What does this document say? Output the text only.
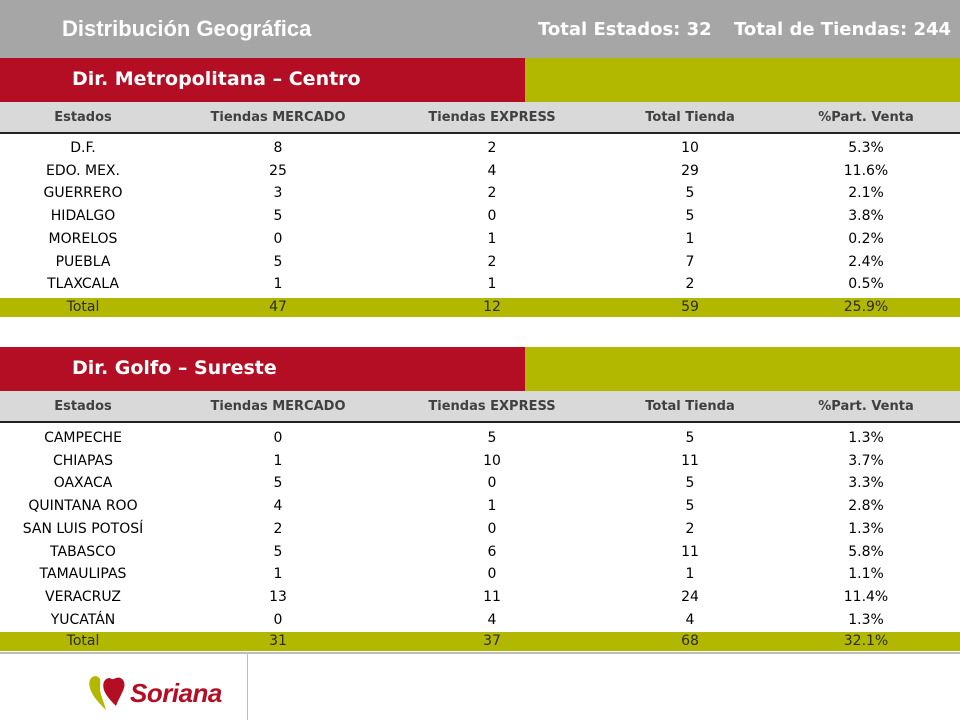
Distribución Geográfica	Total Estados: 32 Total de Tiendas: 244
Dir. Metropolitana – Centro
Estados	Tiendas MERCADO	Tiendas EXPRESS	Total Tienda	%Part. Venta
D.F.	8	2	10	5.3%
EDO. MEX.	25	4	29	11.6%
GUERRERO	3	2	5	2.1%
HIDALGO	5	0	5	3.8%
MORELOS	0	1	1	0.2%
PUEBLA	5	2	7	2.4%
TLAXCALA	1	1	2	0.5%
Total	47	12	59	25.9%
Dir. Golfo – Sureste
Estados	Tiendas MERCADO	Tiendas EXPRESS	Total Tienda	%Part. Venta
CAMPECHE	0	5	5	1.3%
CHIAPAS	1	10	11	3.7%
OAXACA	5	0	5	3.3%
QUINTANA ROO	4	1	5	2.8%
SAN LUIS POTOSÍ	2	0	2	1.3%
TABASCO	5	6	11	5.8%
TAMAULIPAS	1	0	1	1.1%
VERACRUZ	13	11	24	11.4%
YUCATÁN	0	4	4	1.3%
Total	31	37	68	32.1%
Soriana
